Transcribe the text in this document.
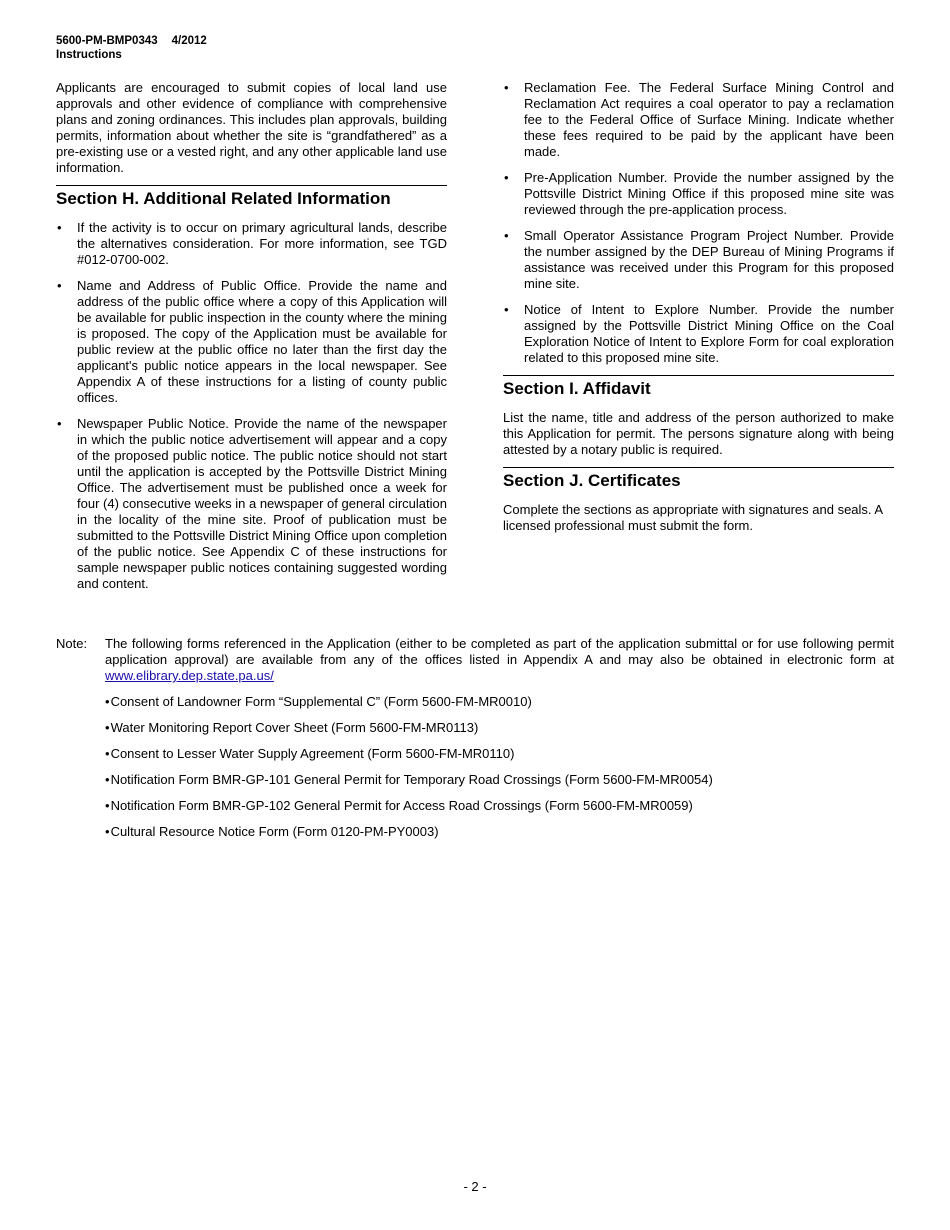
5600-PM-BMP0343 4/2012
Instructions

Applicants are encouraged to submit copies of local land use approvals and other evidence of compliance with comprehensive plans and zoning ordinances. This includes plan approvals, building permits, information about whether the site is “grandfathered” as a pre-existing use or a vested right, and any other applicable land use information.

Section H. Additional Related Information
• If the activity is to occur on primary agricultural lands, describe the alternatives consideration. For more information, see TGD #012-0700-002.
• Name and Address of Public Office. Provide the name and address of the public office where a copy of this Application will be available for public inspection in the county where the mining is proposed. The copy of the Application must be available for public review at the public office no later than the first day the applicant's public notice appears in the local newspaper. See Appendix A of these instructions for a listing of county public offices.
• Newspaper Public Notice. Provide the name of the newspaper in which the public notice advertisement will appear and a copy of the proposed public notice. The public notice should not start until the application is accepted by the Pottsville District Mining Office. The advertisement must be published once a week for four (4) consecutive weeks in a newspaper of general circulation in the locality of the mine site. Proof of publication must be submitted to the Pottsville District Mining Office upon completion of the public notice. See Appendix C of these instructions for sample newspaper public notices containing suggested wording and content.
• Reclamation Fee. The Federal Surface Mining Control and Reclamation Act requires a coal operator to pay a reclamation fee to the Federal Office of Surface Mining. Indicate whether these fees required to be paid by the applicant have been made.
• Pre-Application Number. Provide the number assigned by the Pottsville District Mining Office if this proposed mine site was reviewed through the pre-application process.
• Small Operator Assistance Program Project Number. Provide the number assigned by the DEP Bureau of Mining Programs if assistance was received under this Program for this proposed mine site.
• Notice of Intent to Explore Number. Provide the number assigned by the Pottsville District Mining Office on the Coal Exploration Notice of Intent to Explore Form for coal exploration related to this proposed mine site.
Section I. Affidavit

List the name, title and address of the person authorized to make this Application for permit. The persons signature along with being attested by a notary public is required.

Section J. Certificates

Complete the sections as appropriate with signatures and seals. A licensed professional must submit the form.

Note: The following forms referenced in the Application (either to be completed as part of the application submittal or for use following permit application approval) are available from any of the offices listed in Appendix A and may also be obtained in electronic form at www.elibrary.dep.state.pa.us/
•Consent of Landowner Form “Supplemental C” (Form 5600-FM-MR0010)
•Water Monitoring Report Cover Sheet (Form 5600-FM-MR0113)
•Consent to Lesser Water Supply Agreement (Form 5600-FM-MR0110)
•Notification Form BMR-GP-101 General Permit for Temporary Road Crossings (Form 5600-FM-MR0054)
•Notification Form BMR-GP-102 General Permit for Access Road Crossings (Form 5600-FM-MR0059)
•Cultural Resource Notice Form (Form 0120-PM-PY0003)
- 2 -
